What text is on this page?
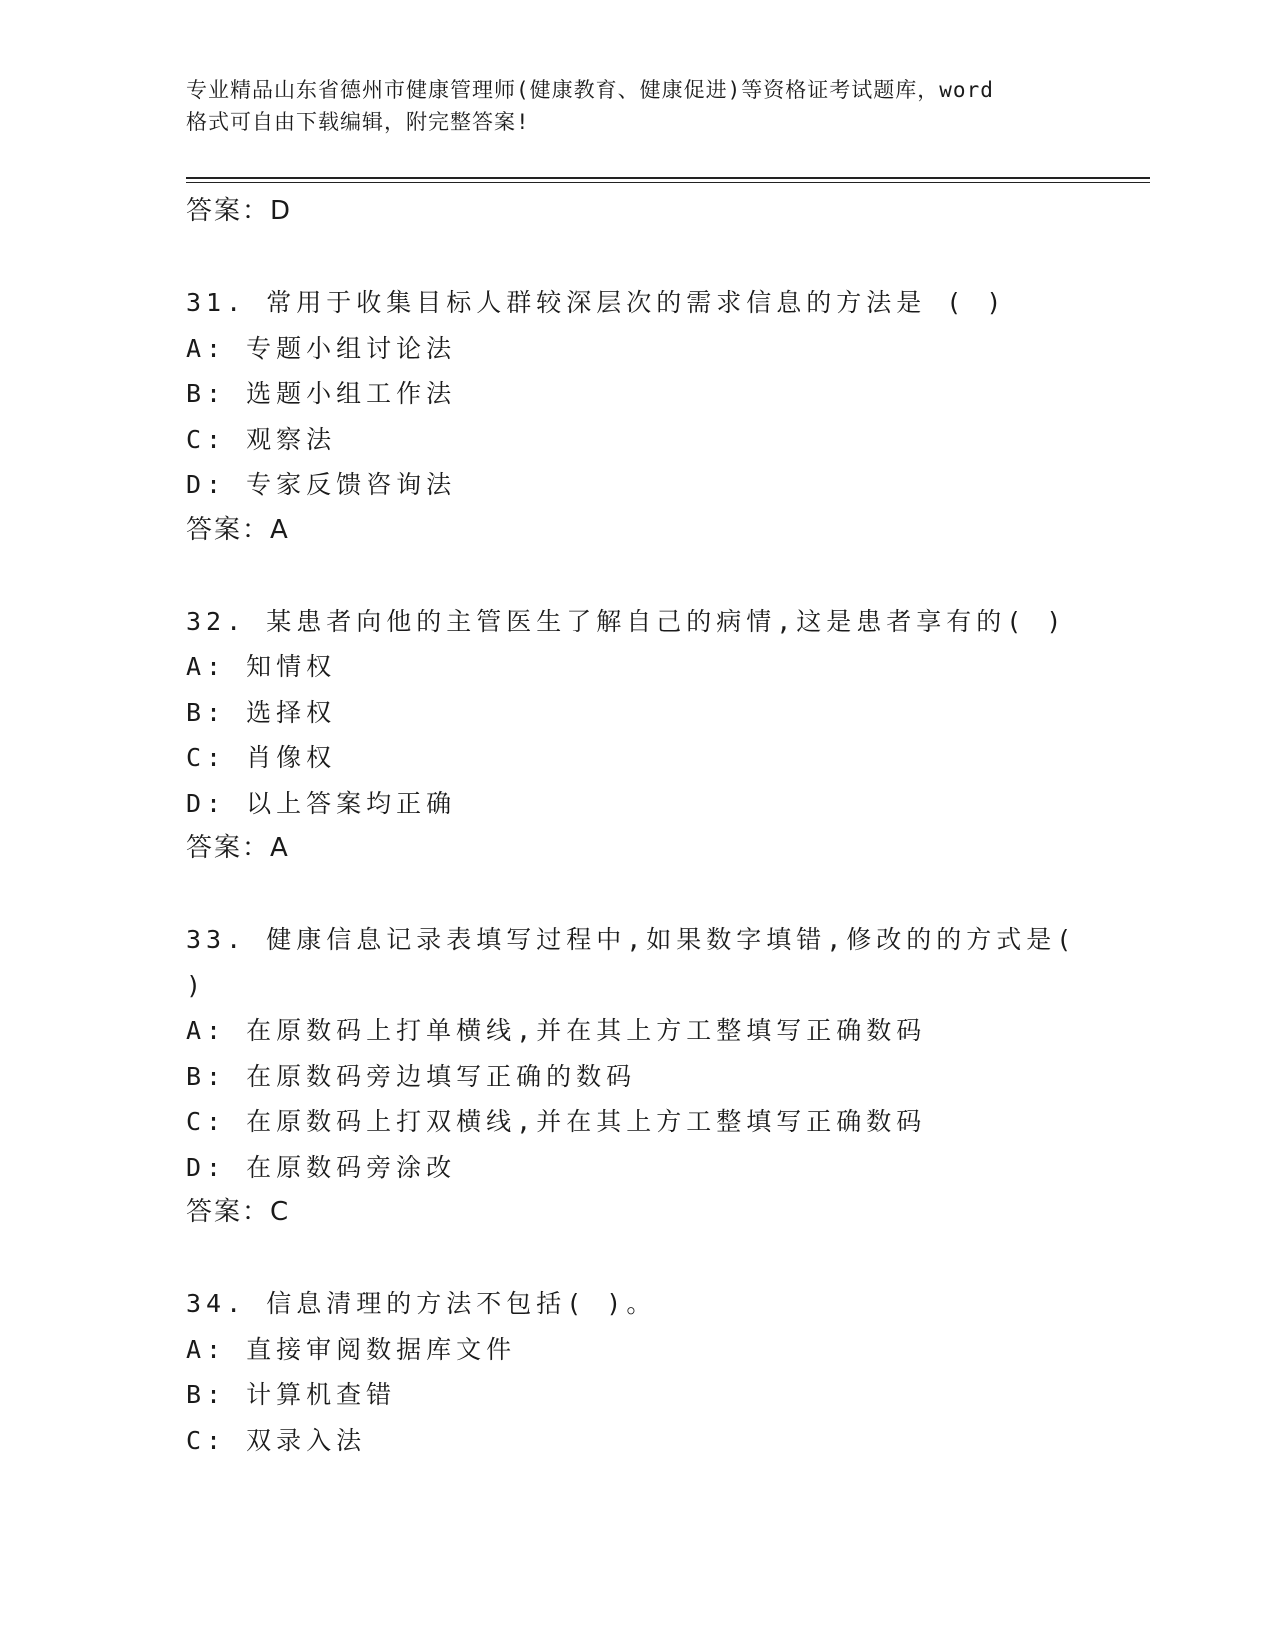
专业精品山东省德州市健康管理师(健康教育、健康促进)等资格证考试题库，word
格式可自由下载编辑，附完整答案!
答案：D
31. 常用于收集目标人群较深层次的需求信息的方法是 ( )
A: 专题小组讨论法
B: 选题小组工作法
C: 观察法
D: 专家反馈咨询法
答案：A
32. 某患者向他的主管医生了解自己的病情,这是患者享有的( )
A: 知情权
B: 选择权
C: 肖像权
D: 以上答案均正确
答案：A
33. 健康信息记录表填写过程中,如果数字填错,修改的的方式是(
)
A: 在原数码上打单横线,并在其上方工整填写正确数码
B: 在原数码旁边填写正确的数码
C: 在原数码上打双横线,并在其上方工整填写正确数码
D: 在原数码旁涂改
答案：C
34. 信息清理的方法不包括( )。
A: 直接审阅数据库文件
B: 计算机查错
C: 双录入法
